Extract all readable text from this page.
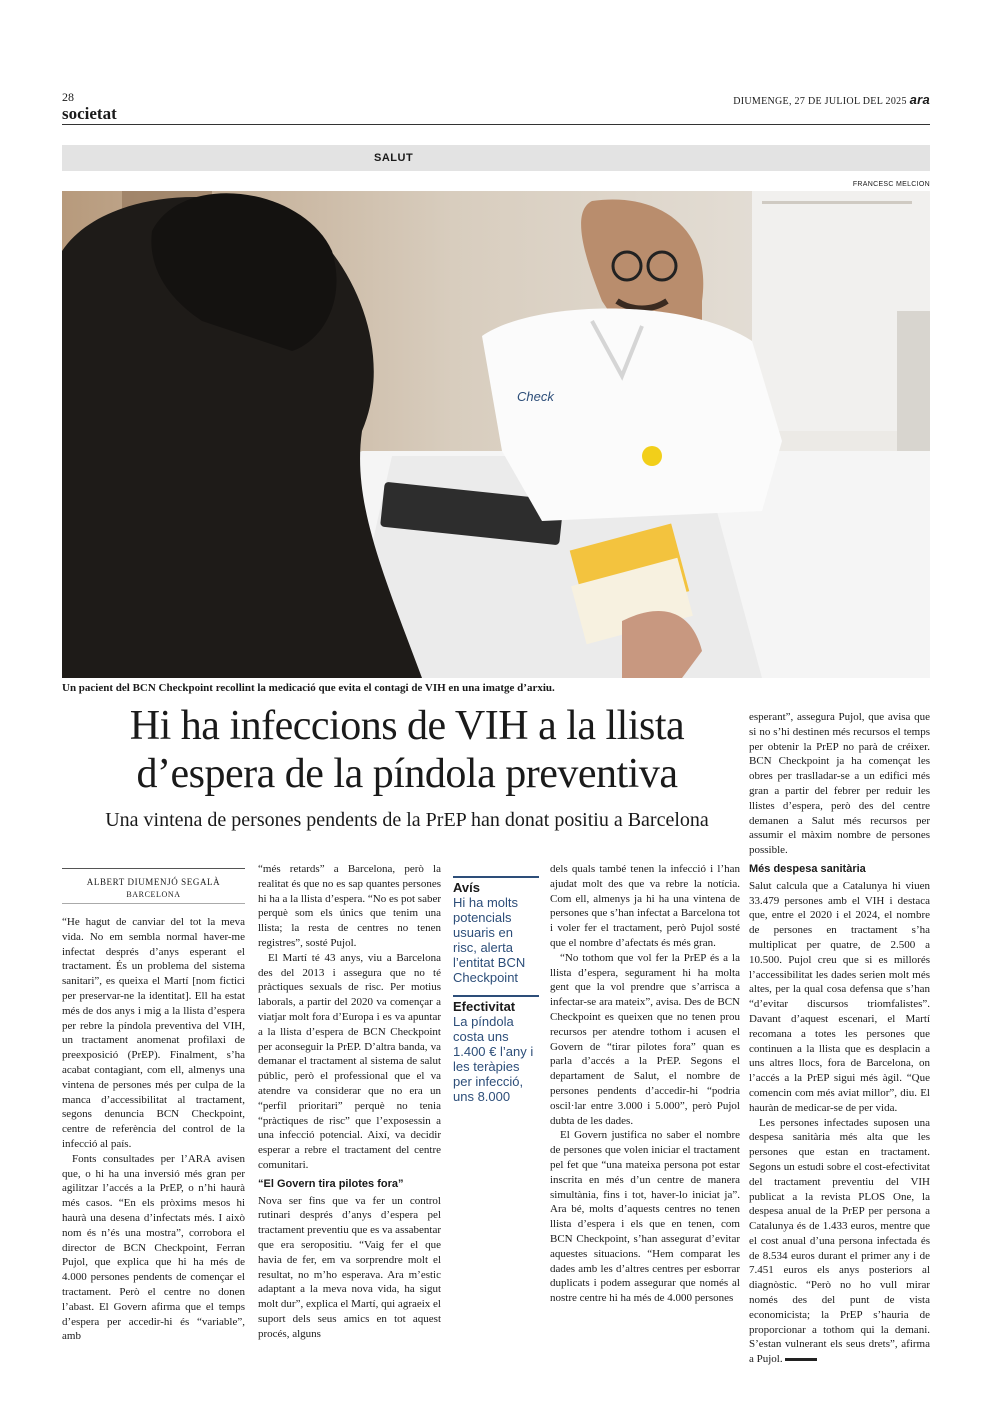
28
societat
DIUMENGE, 27 DE JULIOL DEL 2025 ara
SALUT
FRANCESC MELCION
Check
Un pacient del BCN Checkpoint recollint la medicació que evita el contagi de VIH en una imatge d’arxiu.
Hi ha infeccions de VIH a la llista d’espera de la píndola preventiva
Una vintena de persones pendents de la PrEP han donat positiu a Barcelona
ALBERT DIUMENJÓ SEGALÀ
BARCELONA

“He hagut de canviar del tot la meva vida. No em sembla normal haver-me infectat després d’anys esperant el tractament. És un problema del sistema sanitari”, es queixa el Martí [nom fictici per preservar-ne la identitat]. Ell ha estat més de dos anys i mig a la llista d’espera per rebre la píndola preventiva del VIH, un tractament anomenat profilaxi de preexposició (PrEP). Finalment, s’ha acabat contagiant, com ell, almenys una vintena de persones més per culpa de la manca d’accessibilitat al tractament, segons denuncia BCN Checkpoint, centre de referència del control de la infecció al país.

Fonts consultades per l’ARA avisen que, o hi ha una inversió més gran per agilitzar l’accés a la PrEP, o n’hi haurà més casos. “En els pròxims mesos hi haurà una desena d’infectats més. I això nom és n’és una mostra”, corrobora el director de BCN Checkpoint, Ferran Pujol, que explica que hi ha més de 4.000 persones pendents de començar el tractament. Però el centre no donen l’abast. El Govern afirma que el temps d’espera per accedir-hi és “variable”, amb

“més retards” a Barcelona, però la realitat és que no es sap quantes persones hi ha a la llista d’espera. “No es pot saber perquè som els únics que tenim una llista; la resta de centres no tenen registres”, sosté Pujol.

El Martí té 43 anys, viu a Barcelona des del 2013 i assegura que no té pràctiques sexuals de risc. Per motius laborals, a partir del 2020 va començar a viatjar molt fora d’Europa i es va apuntar a la llista d’espera de BCN Checkpoint per aconseguir la PrEP. D’altra banda, va demanar el tractament al sistema de salut públic, però el professional que el va atendre va considerar que no era un “perfil prioritari” perquè no tenia “pràctiques de risc” que l’exposessin a una infecció potencial. Així, va decidir esperar a rebre el tractament del centre comunitari.

“El Govern tira pilotes fora”

Nova ser fins que va fer un control rutinari després d’anys d’espera pel tractament preventiu que es va assabentar que era seropositiu. “Vaig fer el que havia de fer, em va sorprendre molt el resultat, no m’ho esperava. Ara m’estic adaptant a la meva nova vida, ha sigut molt dur”, explica el Martí, qui agraeix el suport dels seus amics en tot aquest procés, alguns

Avís
Hi ha molts potencials usuaris en risc, alerta l’entitat BCN Checkpoint
Efectivitat
La píndola costa uns 1.400 € l’any i les teràpies per infecció, uns 8.000

dels quals també tenen la infecció i l’han ajudat molt des que va rebre la notícia. Com ell, almenys ja hi ha una vintena de persones que s’han infectat a Barcelona tot i voler fer el tractament, però Pujol sosté que el nombre d’afectats és més gran.

“No tothom que vol fer la PrEP és a la llista d’espera, segurament hi ha molta gent que la vol prendre que s’arrisca a infectar-se ara mateix”, avisa. Des de BCN Checkpoint es queixen que no tenen prou recursos per atendre tothom i acusen el Govern de “tirar pilotes fora” quan es parla d’accés a la PrEP. Segons el departament de Salut, el nombre de persones pendents d’accedir-hi “podria oscil·lar entre 3.000 i 5.000”, però Pujol dubta de les dades.

El Govern justifica no saber el nombre de persones que volen iniciar el tractament pel fet que “una mateixa persona pot estar inscrita en més d’un centre de manera simultània, fins i tot, haver-lo iniciat ja”. Ara bé, molts d’aquests centres no tenen llista d’espera i els que en tenen, com BCN Checkpoint, s’han assegurat d’evitar aquestes situacions. “Hem comparat les dades amb les d’altres centres per esborrar duplicats i podem assegurar que només al nostre centre hi ha més de 4.000 persones

esperant”, assegura Pujol, que avisa que si no s’hi destinen més recursos el temps per obtenir la PrEP no parà de créixer. BCN Checkpoint ja ha començat les obres per traslladar-se a un edifici més gran a partir del febrer per reduir les llistes d’espera, però des del centre demanen a Salut més recursos per assumir el màxim nombre de persones possible.

Més despesa sanitària

Salut calcula que a Catalunya hi viuen 33.479 persones amb el VIH i destaca que, entre el 2020 i el 2024, el nombre de persones en tractament s’ha multiplicat per quatre, de 2.500 a 10.500. Pujol creu que si es millorés l’accessibilitat les dades serien molt més altes, per la qual cosa defensa que s’han “d’evitar discursos triomfalistes”. Davant d’aquest escenari, el Martí recomana a totes les persones que continuen a la llista que es desplacin a uns altres llocs, fora de Barcelona, on l’accés a la PrEP sigui més àgil. “Que comencin com més aviat millor”, diu. El hauràn de medicar-se de per vida.

Les persones infectades suposen una despesa sanitària més alta que les persones que estan en tractament. Segons un estudi sobre el cost-efectivitat del tractament preventiu del VIH publicat a la revista PLOS One, la despesa anual de la PrEP per persona a Catalunya és de 1.433 euros, mentre que el cost anual d’una persona infectada és de 8.534 euros durant el primer any i de 7.451 euros els anys posteriors al diagnòstic. “Però no ho vull mirar només des del punt de vista economicista; la PrEP s’hauria de proporcionar a tothom qui la demani. S’estan vulnerant els seus drets”, afirma a Pujol.
